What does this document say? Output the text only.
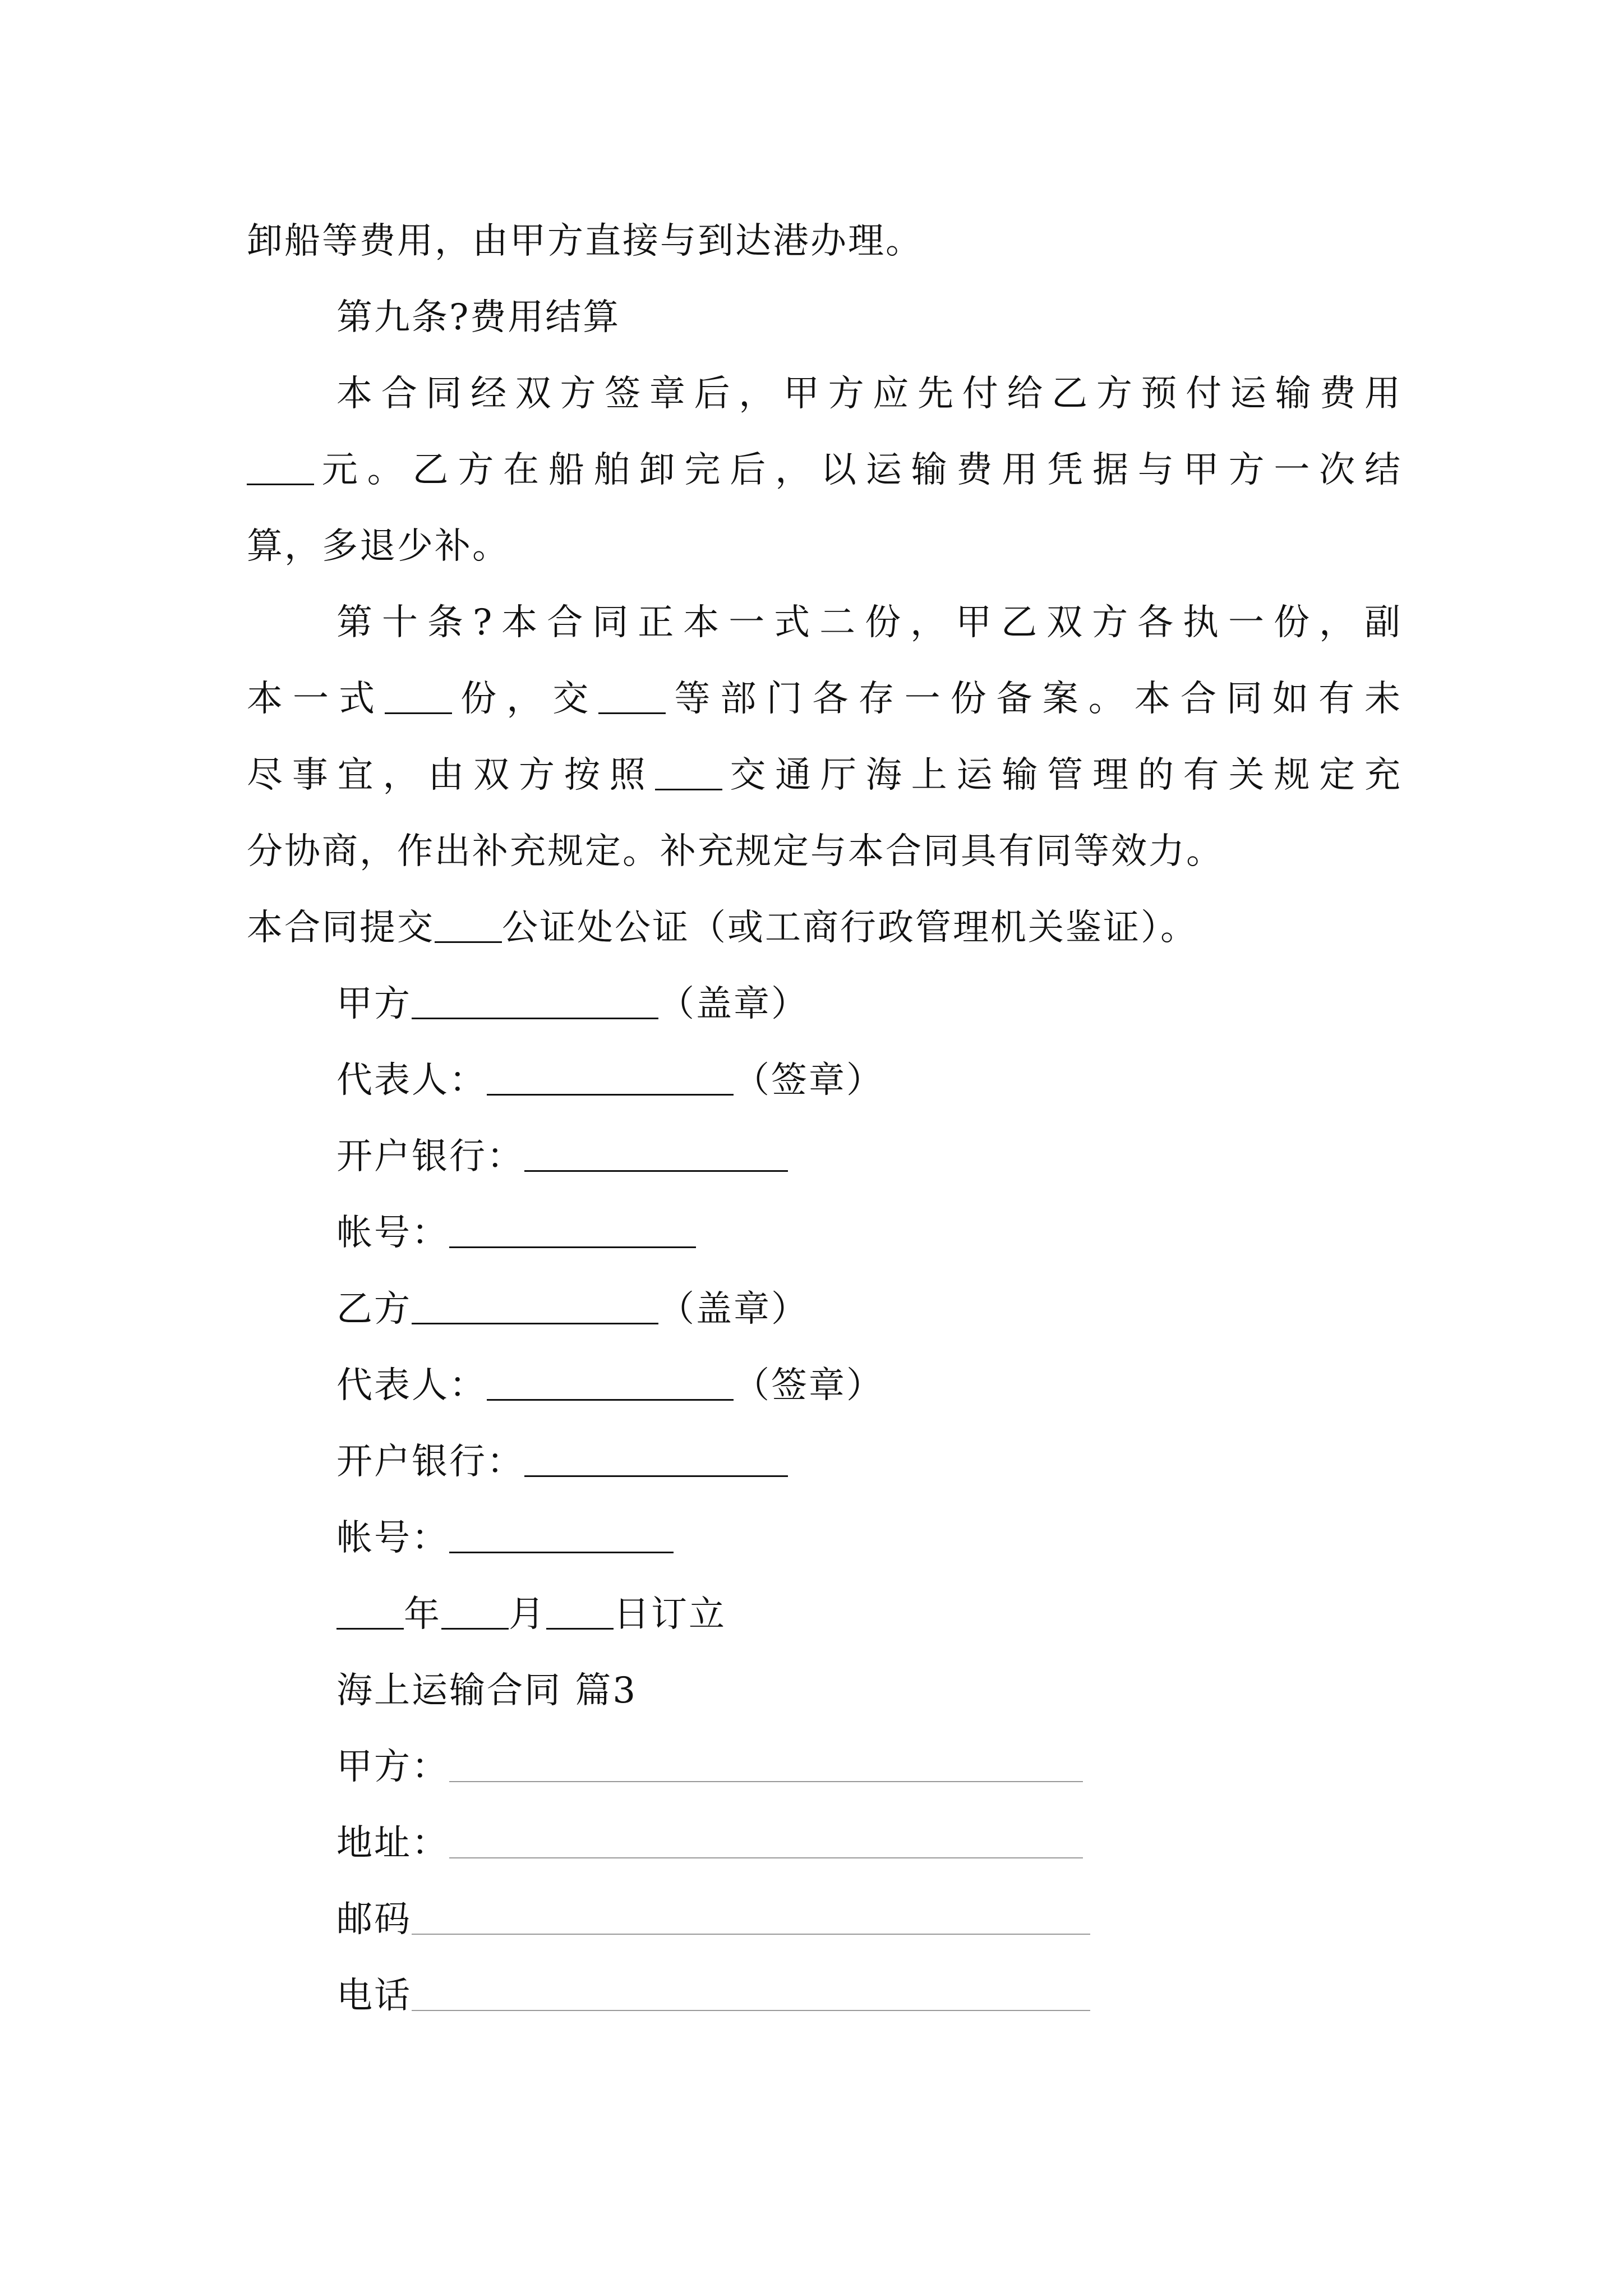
卸船等费用，由甲方直接与到达港办理。
第九条?费用结算
本合同经双方签章后，甲方应先付给乙方预付运输费用
元。乙方在船舶卸完后，以运输费用凭据与甲方一次结
算，多退少补。
第十条?本合同正本一式二份，甲乙双方各执一份，副
本一式 份，交 等部门各存一份备案。本合同如有未
尽事宜，由双方按照 交通厅海上运输管理的有关规定充
分协商，作出补充规定。补充规定与本合同具有同等效力。
本合同提交 公证处公证（或工商行政管理机关鉴证）。
甲方	（盖章）
代表人：	（签章）
开户银行：
帐号：
乙方	（盖章）
代表人：	（签章）
开户银行：
帐号：
年 月 日订立
海上运输合同 篇3
甲方：
地址：
邮码
电话
